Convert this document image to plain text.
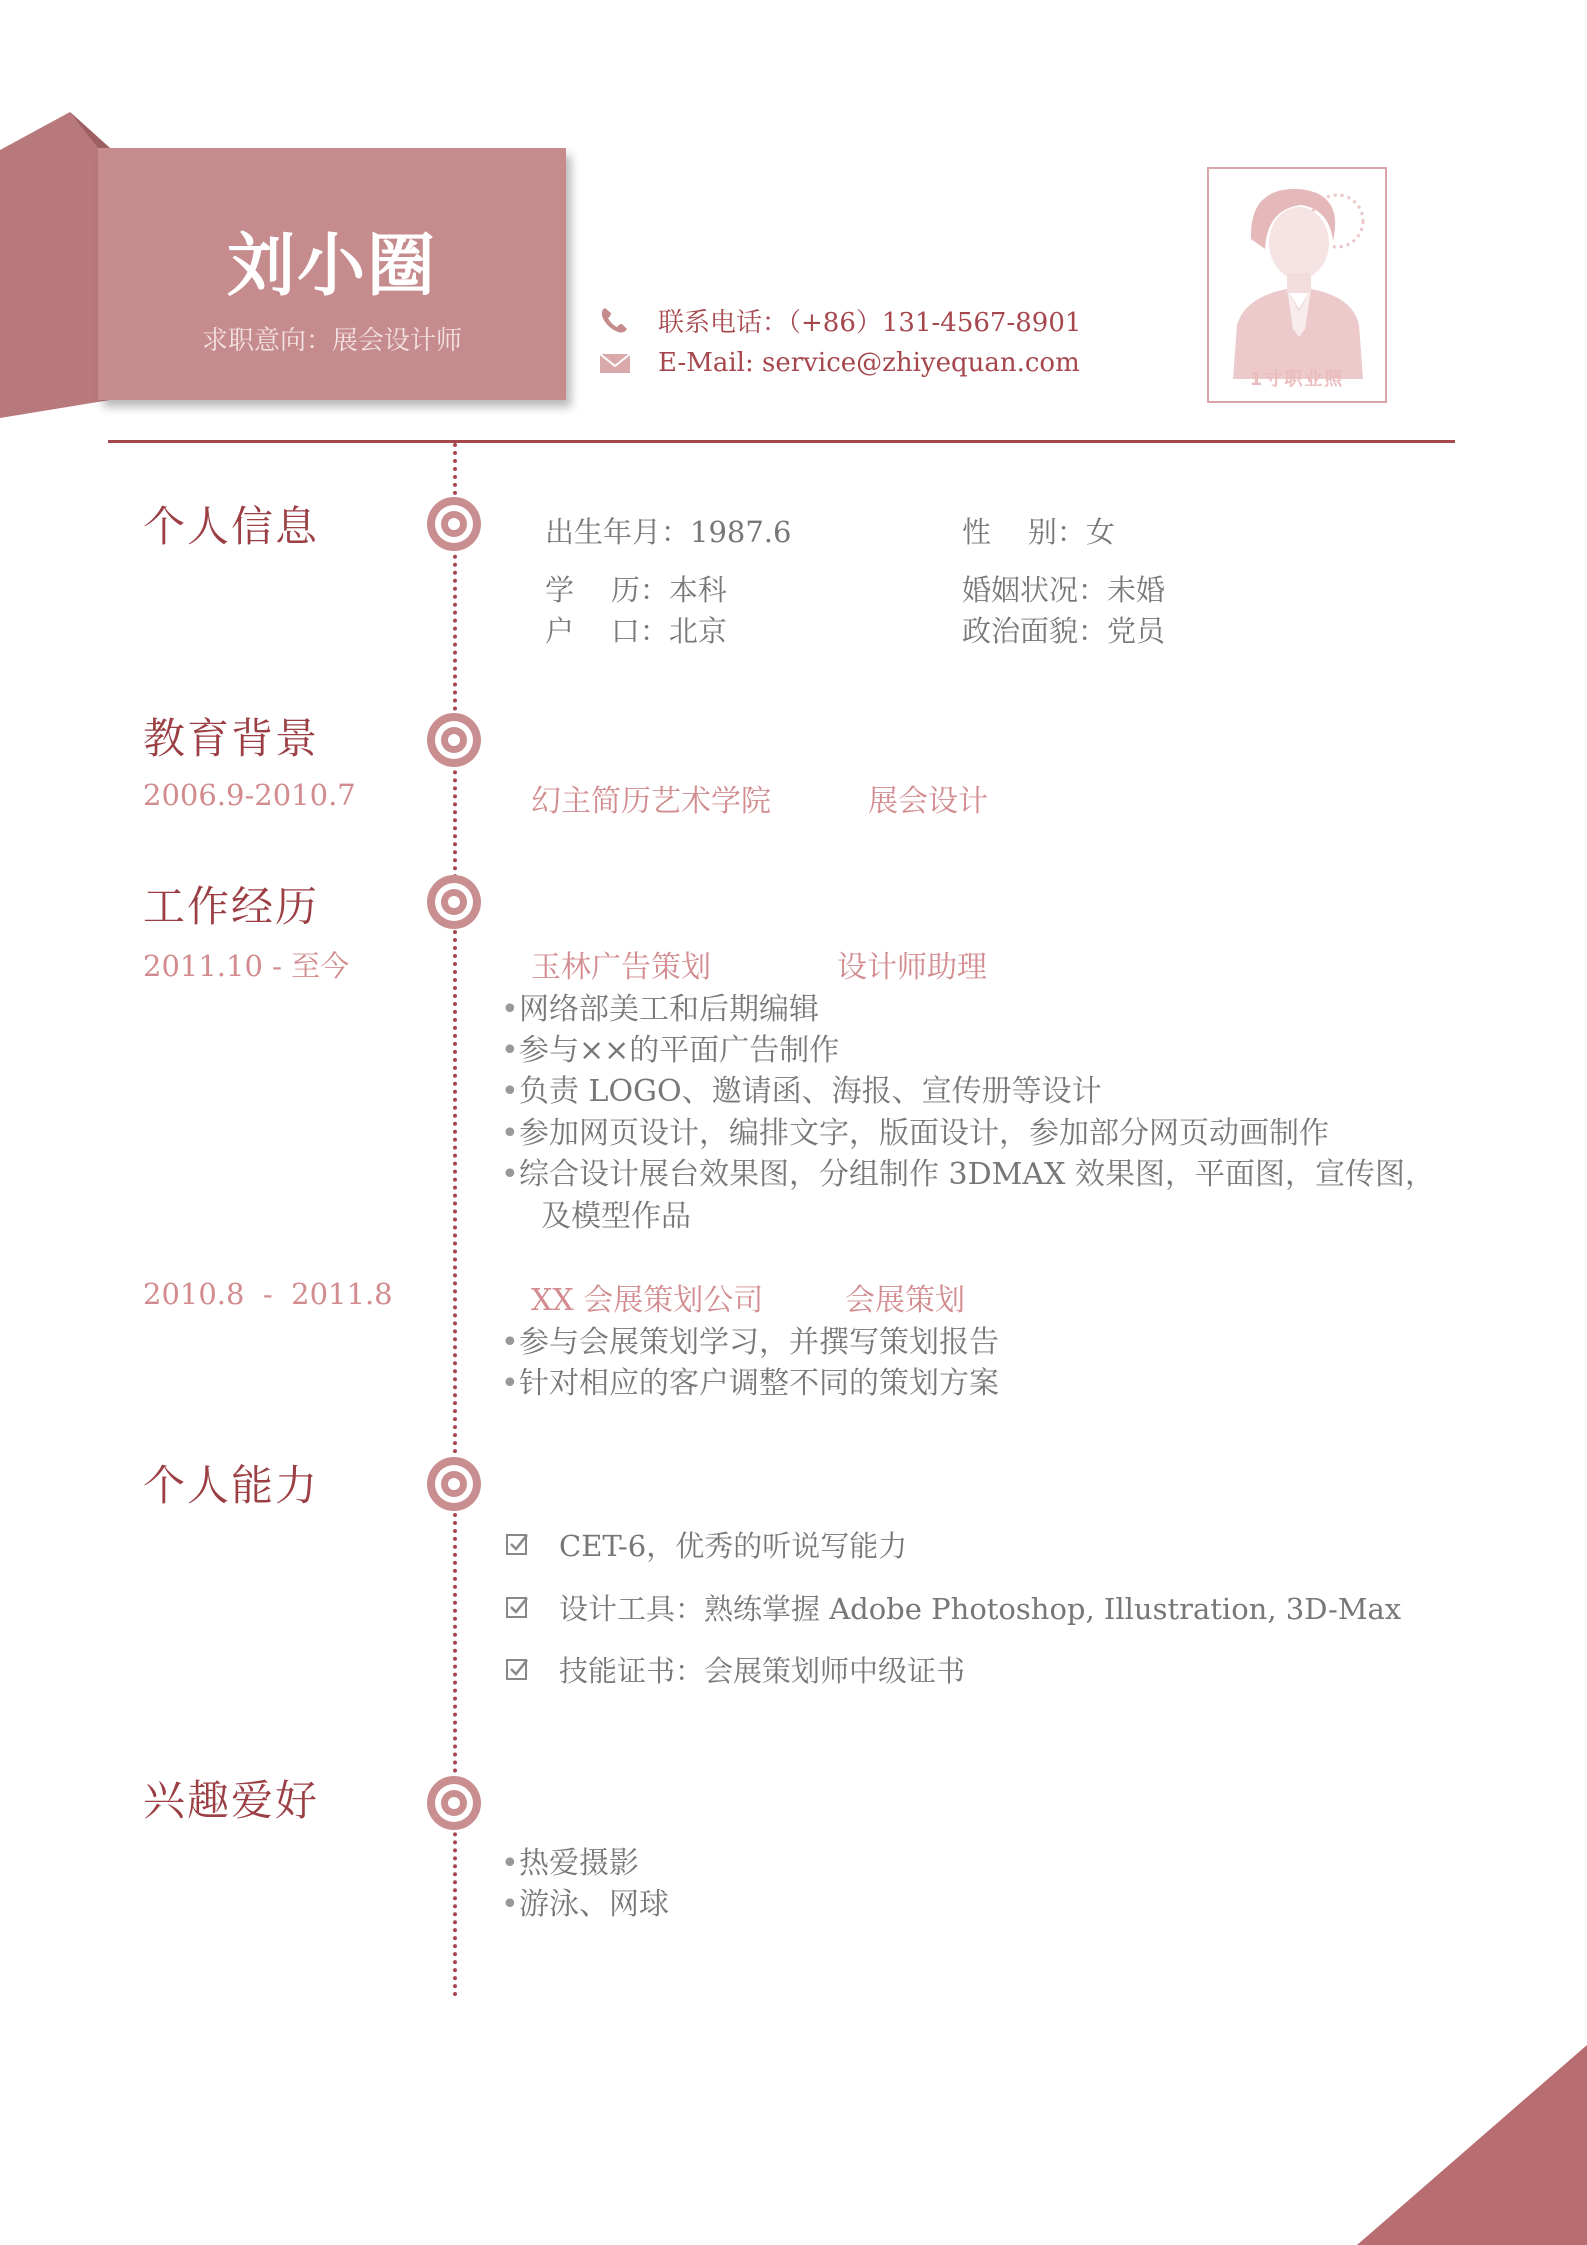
刘小圈
求职意向：展会设计师
联系电话：（+86）131-4567-8901
E-Mail: service@zhiyequan.com
1寸职业照
个人信息	出生年月：1987.6	性    别：女
学    历：本科	婚姻状况：未婚
户    口：北京	政治面貌：党员
教育背景
2006.9-2010.7	幻主简历艺术学院	展会设计
工作经历
2011.10 - 至今	玉林广告策划	设计师助理
•网络部美工和后期编辑
•参与××的平面广告制作
•负责 LOGO、邀请函、海报、宣传册等设计
•参加网页设计，编排文字，版面设计，参加部分网页动画制作
•综合设计展台效果图，分组制作 3DMAX 效果图，平面图，宣传图，
及模型作品
2010.8  -  2011.8	XX 会展策划公司	会展策划
•参与会展策划学习，并撰写策划报告
•针对相应的客户调整不同的策划方案
个人能力
CET-6，优秀的听说写能力
设计工具：熟练掌握 Adobe Photoshop, Illustration, 3D-Max
技能证书：会展策划师中级证书
兴趣爱好
•热爱摄影
•游泳、网球
